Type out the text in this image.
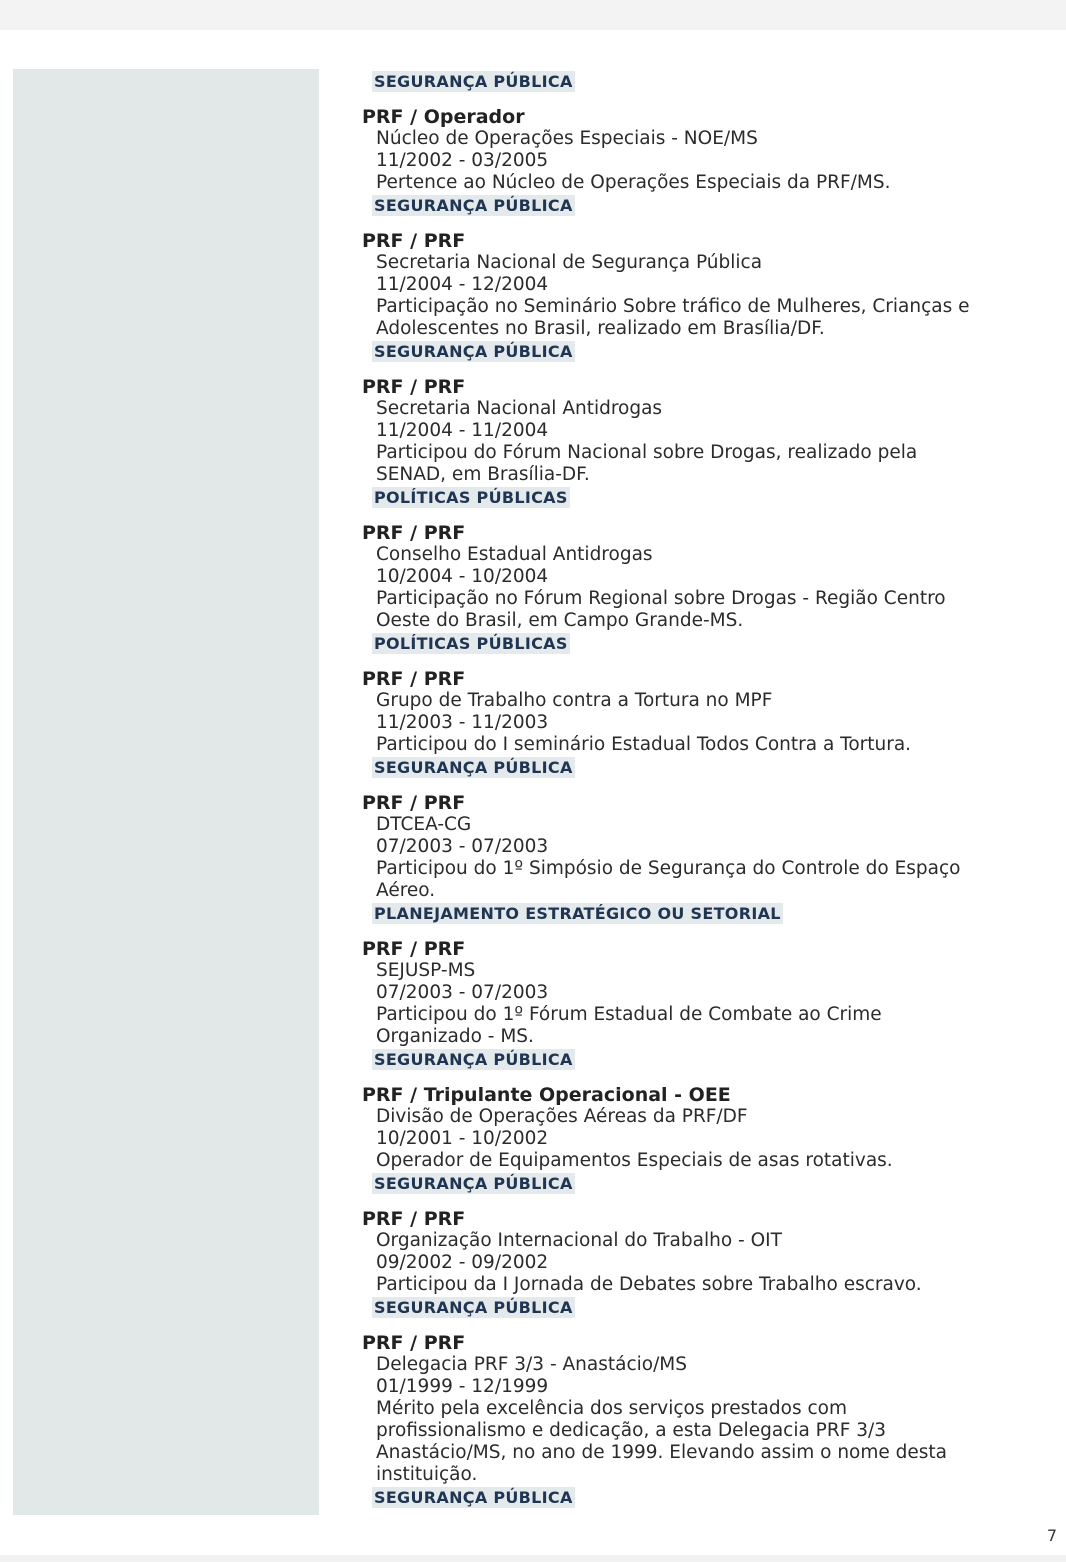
SEGURANÇA PÚBLICA
PRF / Operador
Núcleo de Operações Especiais - NOE/MS
11/2002 - 03/2005
Pertence ao Núcleo de Operações Especiais da PRF/MS.
SEGURANÇA PÚBLICA
PRF / PRF
Secretaria Nacional de Segurança Pública
11/2004 - 12/2004
Participação no Seminário Sobre tráfico de Mulheres, Crianças e
Adolescentes no Brasil, realizado em Brasília/DF.
SEGURANÇA PÚBLICA
PRF / PRF
Secretaria Nacional Antidrogas
11/2004 - 11/2004
Participou do Fórum Nacional sobre Drogas, realizado pela
SENAD, em Brasília-DF.
POLÍTICAS PÚBLICAS
PRF / PRF
Conselho Estadual Antidrogas
10/2004 - 10/2004
Participação no Fórum Regional sobre Drogas - Região Centro
Oeste do Brasil, em Campo Grande-MS.
POLÍTICAS PÚBLICAS
PRF / PRF
Grupo de Trabalho contra a Tortura no MPF
11/2003 - 11/2003
Participou do I seminário Estadual Todos Contra a Tortura.
SEGURANÇA PÚBLICA
PRF / PRF
DTCEA-CG
07/2003 - 07/2003
Participou do 1º Simpósio de Segurança do Controle do Espaço
Aéreo.
PLANEJAMENTO ESTRATÉGICO OU SETORIAL
PRF / PRF
SEJUSP-MS
07/2003 - 07/2003
Participou do 1º Fórum Estadual de Combate ao Crime
Organizado - MS.
SEGURANÇA PÚBLICA
PRF / Tripulante Operacional - OEE
Divisão de Operações Aéreas da PRF/DF
10/2001 - 10/2002
Operador de Equipamentos Especiais de asas rotativas.
SEGURANÇA PÚBLICA
PRF / PRF
Organização Internacional do Trabalho - OIT
09/2002 - 09/2002
Participou da I Jornada de Debates sobre Trabalho escravo.
SEGURANÇA PÚBLICA
PRF / PRF
Delegacia PRF 3/3 - Anastácio/MS
01/1999 - 12/1999
Mérito pela excelência dos serviços prestados com
profissionalismo e dedicação, a esta Delegacia PRF 3/3
Anastácio/MS, no ano de 1999. Elevando assim o nome desta
instituição.
SEGURANÇA PÚBLICA
7
